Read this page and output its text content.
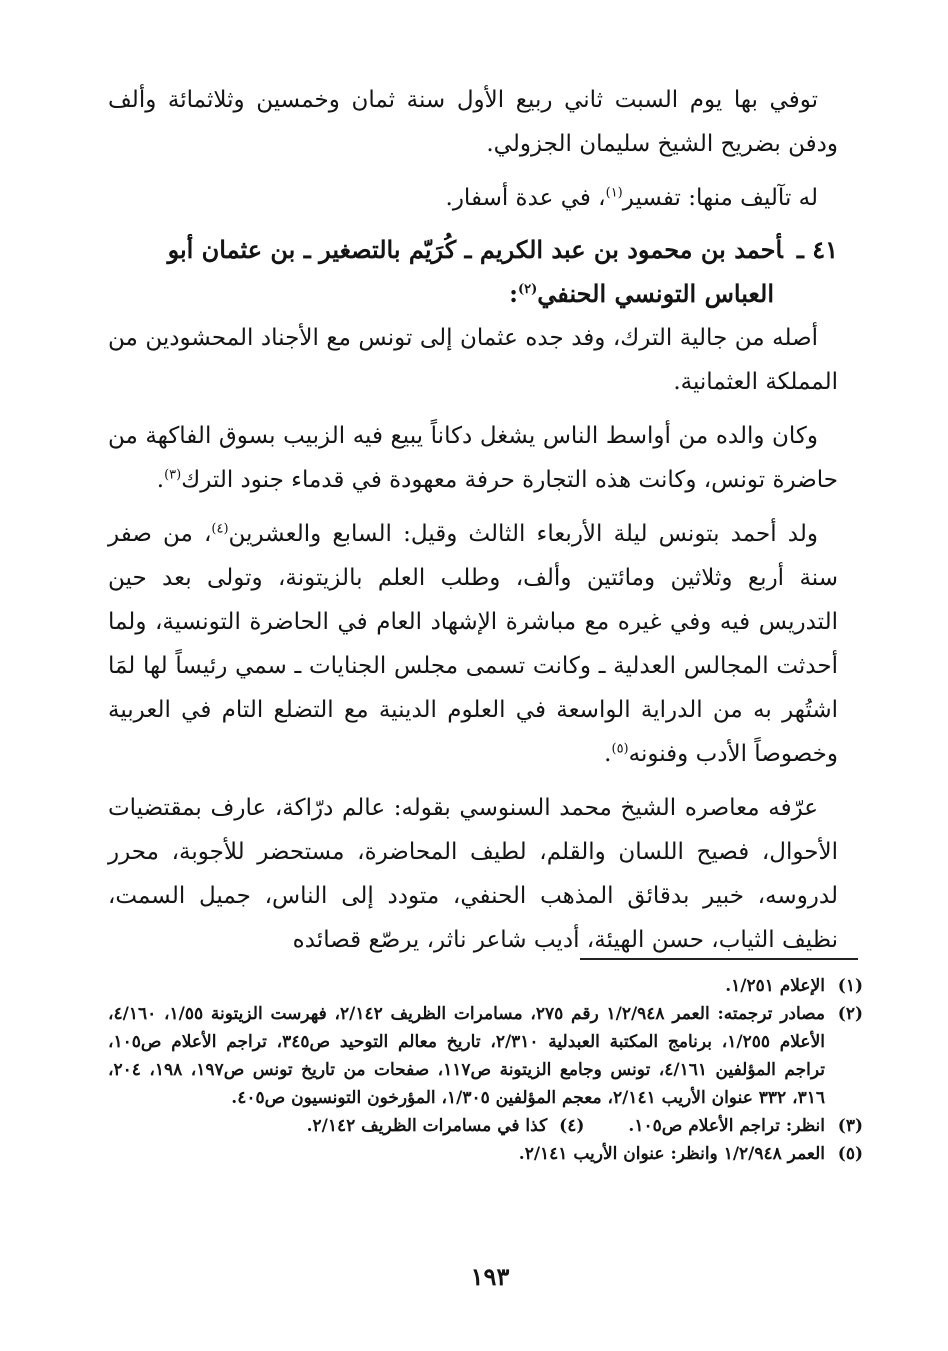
توفي بها يوم السبت ثاني ربيع الأول سنة ثمان وخمسين وثلاثمائة وألف ودفن بضريح الشيخ سليمان الجزولي.

له تآليف منها: تفسير$^{(١)}$، في عدة أسفار.

٤١ ـأحمد بن محمود بن عبد الكريم ـ كُرَيّم بالتصغير ـ بن عثمان أبو

العباس التونسي الحنفي$^{(٢)}$:

أصله من جالية الترك، وفد جده عثمان إلى تونس مع الأجناد المحشودين من المملكة العثمانية.

وكان والده من أواسط الناس يشغل دكاناً يبيع فيه الزبيب بسوق الفاكهة من حاضرة تونس، وكانت هذه التجارة حرفة معهودة في قدماء جنود الترك$^{(٣)}$.

ولد أحمد بتونس ليلة الأربعاء الثالث وقيل: السابع والعشرين$^{(٤)}$، من صفر سنة أربع وثلاثين ومائتين وألف، وطلب العلم بالزيتونة، وتولى بعد حين التدريس فيه وفي غيره مع مباشرة الإشهاد العام في الحاضرة التونسية، ولما أحدثت المجالس العدلية ـ وكانت تسمى مجلس الجنايات ـ سمي رئيساً لها لمَا اشتُهر به من الدراية الواسعة في العلوم الدينية مع التضلع التام في العربية وخصوصاً الأدب وفنونه$^{(٥)}$.

عرّفه معاصره الشيخ محمد السنوسي بقوله: عالم درّاكة، عارف بمقتضيات الأحوال، فصيح اللسان والقلم، لطيف المحاضرة، مستحضر للأجوبة، محرر لدروسه، خبير بدقائق المذهب الحنفي، متودد إلى الناس، جميل السمت، نظيف الثياب، حسن الهيئة، أديب شاعر ناثر، يرصّع قصائده

(١)
الإعلام ١/٢٥١.
(٢)
مصادر ترجمته: العمر ١/٢/٩٤٨ رقم ٢٧٥، مسامرات الظريف ٢/١٤٢، فهرست الزيتونة ١/٥٥، ٤/١٦٠، الأعلام ١/٢٥٥، برنامج المكتبة العبدلية ٢/٣١٠، تاريخ معالم التوحيد ص٣٤٥، تراجم الأعلام ص١٠٥، تراجم المؤلفين ٤/١٦١، تونس وجامع الزيتونة ص١١٧، صفحات من تاريخ تونس ص١٩٧، ١٩٨، ٢٠٤، ٣١٦، ٣٣٢ عنوان الأريب ٢/١٤١، معجم المؤلفين ١/٣٠٥، المؤرخون التونسيون ص٤٠٥.
(٣)
انظر: تراجم الأعلام ص١٠٥.(٤)كذا في مسامرات الظريف ٢/١٤٢.
(٥)
العمر ١/٢/٩٤٨ وانظر: عنوان الأريب ٢/١٤١.
١٩٣
